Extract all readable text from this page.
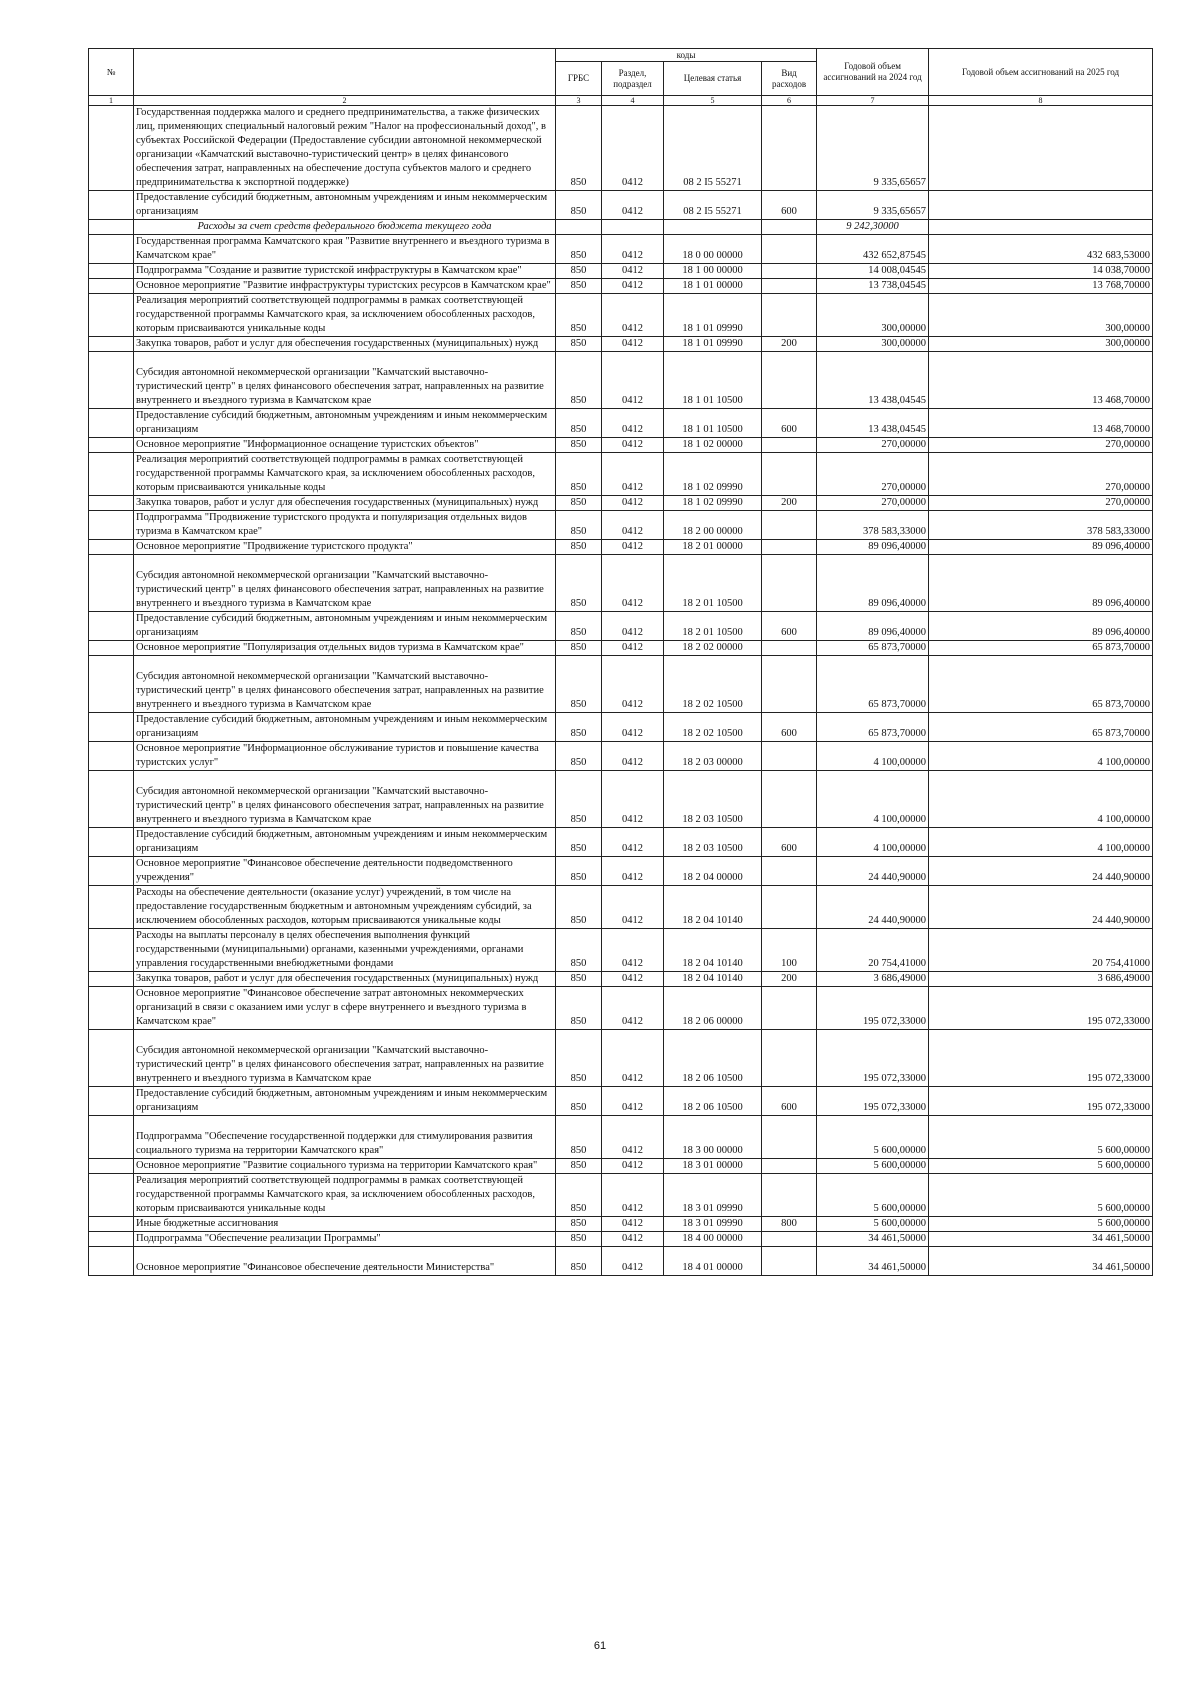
№		коды				Годовой объем ассигнований на 2024 год	Годовой объем ассигнований на 2025 год
		ГРБС	Раздел, подраздел	Целевая статья	Вид расходов		
1	2	3	4	5	6	7	8

	Государственная поддержка малого и среднего предпринимательства, а также физических лиц, применяющих специальный налоговый режим "Налог на профессиональный доход", в субъектах Российской Федерации (Предоставление субсидии автономной некоммерческой организации «Камчатский выставочно-туристический центр» в целях финансового обеспечения затрат, направленных на обеспечение доступа субъектов малого и среднего предпринимательства к экспортной поддержке)	850	0412	08 2 I5 55271		9 335,65657	

	Предоставление субсидий бюджетным, автономным учреждениям и иным некоммерческим организациям	850	0412	08 2 I5 55271	600	9 335,65657	
	Расходы за счет средств федерального бюджета текущего года					9 242,30000	

	Государственная программа Камчатского края "Развитие внутреннего и въездного туризма в Камчатском крае"	850	0412	18 0 00 00000		432 652,87545	432 683,53000

	Подпрограмма "Создание и развитие туристской инфраструктуры в Камчатском крае"	850	0412	18 1 00 00000		14 008,04545	14 038,70000

	Основное мероприятие "Развитие инфраструктуры туристских ресурсов в Камчатском крае"	850	0412	18 1 01 00000		13 738,04545	13 768,70000

	Реализация мероприятий соответствующей подпрограммы в рамках соответствующей государственной программы Камчатского края, за исключением обособленных расходов, которым присваиваются уникальные коды	850	0412	18 1 01 09990		300,00000	300,00000

	Закупка товаров, работ и услуг для обеспечения государственных (муниципальных) нужд	850	0412	18 1 01 09990	200	300,00000	300,00000

	Субсидия автономной некоммерческой организации "Камчатский выставочно-туристический центр" в целях финансового обеспечения затрат, направленных на развитие внутреннего и въездного туризма в Камчатском крае	850	0412	18 1 01 10500		13 438,04545	13 468,70000

	Предоставление субсидий бюджетным, автономным учреждениям и иным некоммерческим организациям	850	0412	18 1 01 10500	600	13 438,04545	13 468,70000

	Основное мероприятие "Информационное оснащение туристских объектов"	850	0412	18 1 02 00000		270,00000	270,00000

	Реализация мероприятий соответствующей подпрограммы в рамках соответствующей государственной программы Камчатского края, за исключением обособленных расходов, которым присваиваются уникальные коды	850	0412	18 1 02 09990		270,00000	270,00000

	Закупка товаров, работ и услуг для обеспечения государственных (муниципальных) нужд	850	0412	18 1 02 09990	200	270,00000	270,00000

	Подпрограмма "Продвижение туристского продукта и популяризация отдельных видов туризма в Камчатском крае"	850	0412	18 2 00 00000		378 583,33000	378 583,33000

	Основное мероприятие "Продвижение туристского продукта"	850	0412	18 2 01 00000		89 096,40000	89 096,40000

	Субсидия автономной некоммерческой организации "Камчатский выставочно-туристический центр" в целях финансового обеспечения затрат, направленных на развитие внутреннего и въездного туризма в Камчатском крае	850	0412	18 2 01 10500		89 096,40000	89 096,40000

	Предоставление субсидий бюджетным, автономным учреждениям и иным некоммерческим организациям	850	0412	18 2 01 10500	600	89 096,40000	89 096,40000

	Основное мероприятие "Популяризация отдельных видов туризма в Камчатском крае"	850	0412	18 2 02 00000		65 873,70000	65 873,70000

	Субсидия автономной некоммерческой организации "Камчатский выставочно-туристический центр" в целях финансового обеспечения затрат, направленных на развитие внутреннего и въездного туризма в Камчатском крае	850	0412	18 2 02 10500		65 873,70000	65 873,70000

	Предоставление субсидий бюджетным, автономным учреждениям и иным некоммерческим организациям	850	0412	18 2 02 10500	600	65 873,70000	65 873,70000

	Основное мероприятие "Информационное обслуживание туристов и повышение качества туристских услуг"	850	0412	18 2 03 00000		4 100,00000	4 100,00000

	Субсидия автономной некоммерческой организации "Камчатский выставочно-туристический центр" в целях финансового обеспечения затрат, направленных на развитие внутреннего и въездного туризма в Камчатском крае	850	0412	18 2 03 10500		4 100,00000	4 100,00000

	Предоставление субсидий бюджетным, автономным учреждениям и иным некоммерческим организациям	850	0412	18 2 03 10500	600	4 100,00000	4 100,00000

	Основное мероприятие "Финансовое обеспечение деятельности подведомственного учреждения"	850	0412	18 2 04 00000		24 440,90000	24 440,90000

	Расходы на обеспечение деятельности (оказание услуг) учреждений, в том числе на предоставление государственным бюджетным и автономным учреждениям субсидий, за исключением обособленных расходов, которым присваиваются уникальные коды	850	0412	18 2 04 10140		24 440,90000	24 440,90000

	Расходы на выплаты персоналу в целях обеспечения выполнения функций государственными (муниципальными) органами, казенными учреждениями, органами управления государственными внебюджетными фондами	850	0412	18 2 04 10140	100	20 754,41000	20 754,41000

	Закупка товаров, работ и услуг для обеспечения государственных (муниципальных) нужд	850	0412	18 2 04 10140	200	3 686,49000	3 686,49000

	Основное мероприятие "Финансовое обеспечение затрат автономных некоммерческих организаций в связи с оказанием ими услуг в сфере внутреннего и въездного туризма в Камчатском крае"	850	0412	18 2 06 00000		195 072,33000	195 072,33000

	Субсидия автономной некоммерческой организации "Камчатский выставочно-туристический центр" в целях финансового обеспечения затрат, направленных на развитие внутреннего и въездного туризма в Камчатском крае	850	0412	18 2 06 10500		195 072,33000	195 072,33000

	Предоставление субсидий бюджетным, автономным учреждениям и иным некоммерческим организациям	850	0412	18 2 06 10500	600	195 072,33000	195 072,33000

	Подпрограмма "Обеспечение государственной поддержки для стимулирования развития социального туризма на территории Камчатского края"	850	0412	18 3 00 00000		5 600,00000	5 600,00000

	Основное мероприятие "Развитие социального туризма на территории Камчатского края"	850	0412	18 3 01 00000		5 600,00000	5 600,00000

	Реализация мероприятий соответствующей подпрограммы в рамках соответствующей государственной программы Камчатского края, за исключением обособленных расходов, которым присваиваются уникальные коды	850	0412	18 3 01 09990		5 600,00000	5 600,00000

	Иные бюджетные ассигнования	850	0412	18 3 01 09990	800	5 600,00000	5 600,00000

	Подпрограмма "Обеспечение реализации Программы"	850	0412	18 4 00 00000		34 461,50000	34 461,50000

	Основное мероприятие "Финансовое обеспечение деятельности Министерства"	850	0412	18 4 01 00000		34 461,50000	34 461,50000
61
